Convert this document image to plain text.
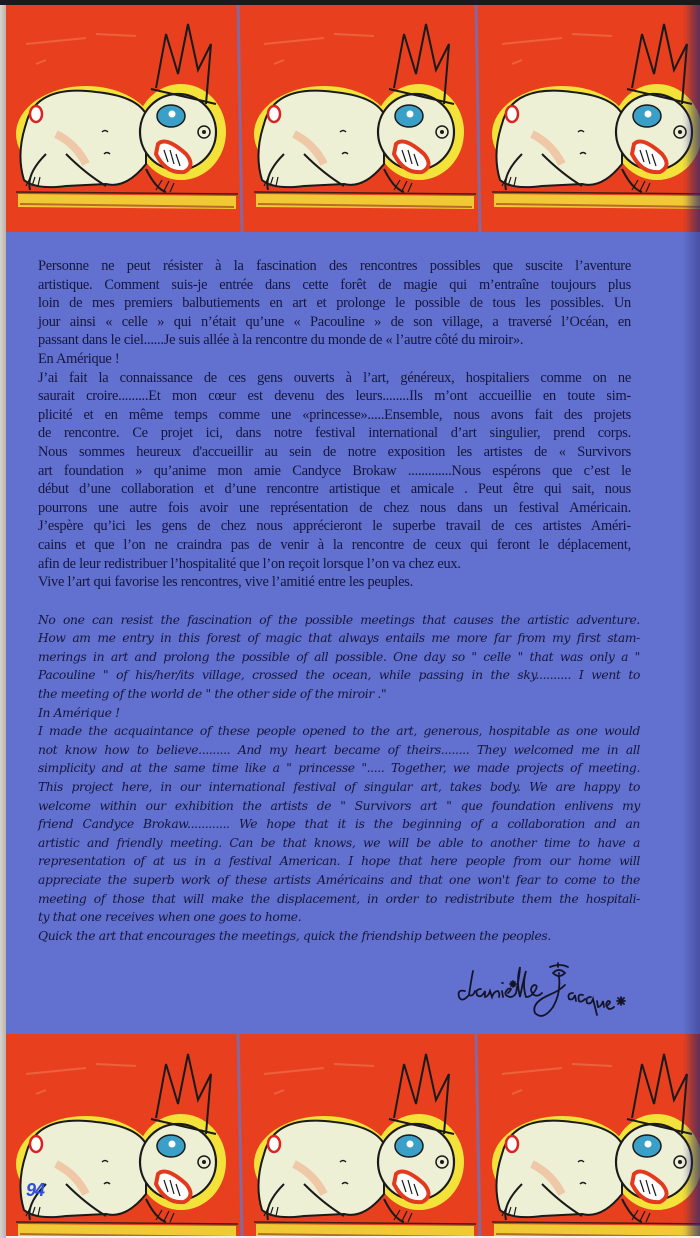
Personne ne peut résister à la fascination des rencontres possibles que suscite l’aventure
artistique. Comment suis-je entrée dans cette forêt de magie qui m’entraîne toujours plus
loin de mes premiers balbutiements en art et prolonge le possible de tous les possibles. Un
jour ainsi « celle » qui n’était qu’une « Pacouline » de son village, a traversé l’Océan, en
passant dans le ciel......Je suis allée à la rencontre du monde de « l’autre côté du miroir».
En Amérique !
J’ai fait la connaissance de ces gens ouverts à l’art, généreux, hospitaliers comme on ne
saurait croire.........Et mon cœur est devenu des leurs........Ils m’ont accueillie en toute sim-
plicité et en même temps comme une «princesse».....Ensemble, nous avons fait des projets
de rencontre. Ce projet ici, dans notre festival international d’art singulier, prend corps.
Nous sommes heureux d'accueillir au sein de notre exposition les artistes de « Survivors
art foundation » qu’anime mon amie Candyce Brokaw .............Nous espérons que c’est le
début d’une collaboration et d’une rencontre artistique et amicale . Peut être qui sait, nous
pourrons une autre fois avoir une représentation de chez nous dans un festival Américain.
J’espère qu’ici les gens de chez nous apprécieront le superbe travail de ces artistes Améri-
cains et que l’on ne craindra pas de venir à la rencontre de ceux qui feront le déplacement,
afin de leur redistribuer l’hospitalité que l’on reçoit lorsque l’on va chez eux.
Vive l’art qui favorise les rencontres, vive l’amitié entre les peuples.
No one can resist the fascination of the possible meetings that causes the artistic adventure.
How am me entry in this forest of magic that always entails me more far from my first stam-
merings in art and prolong the possible of all possible. One day so " celle " that was only a "
Pacouline " of his/her/its village, crossed the ocean, while passing in the sky.......... I went to
the meeting of the world de " the other side of the miroir ."
In Amérique !
I made the acquaintance of these people opened to the art, generous, hospitable as one would
not know how to believe......... And my heart became of theirs........ They welcomed me in all
simplicity and at the same time like a " princesse "..... Together, we made projects of meeting.
This project here, in our international festival of singular art, takes body. We are happy to
welcome within our exhibition the artists de " Survivors art " que foundation enlivens my
friend Candyce Brokaw............ We hope that it is the beginning of a collaboration and an
artistic and friendly meeting. Can be that knows, we will be able to another time to have a
representation of at us in a festival American. I hope that here people from our home will
appreciate the superb work of these artists Américains and that one won't fear to come to the
meeting of those that will make the displacement, in order to redistribute them the hospitali-
ty that one receives when one goes to home.
Quick the art that encourages the meetings, quick the friendship between the peoples.
94
